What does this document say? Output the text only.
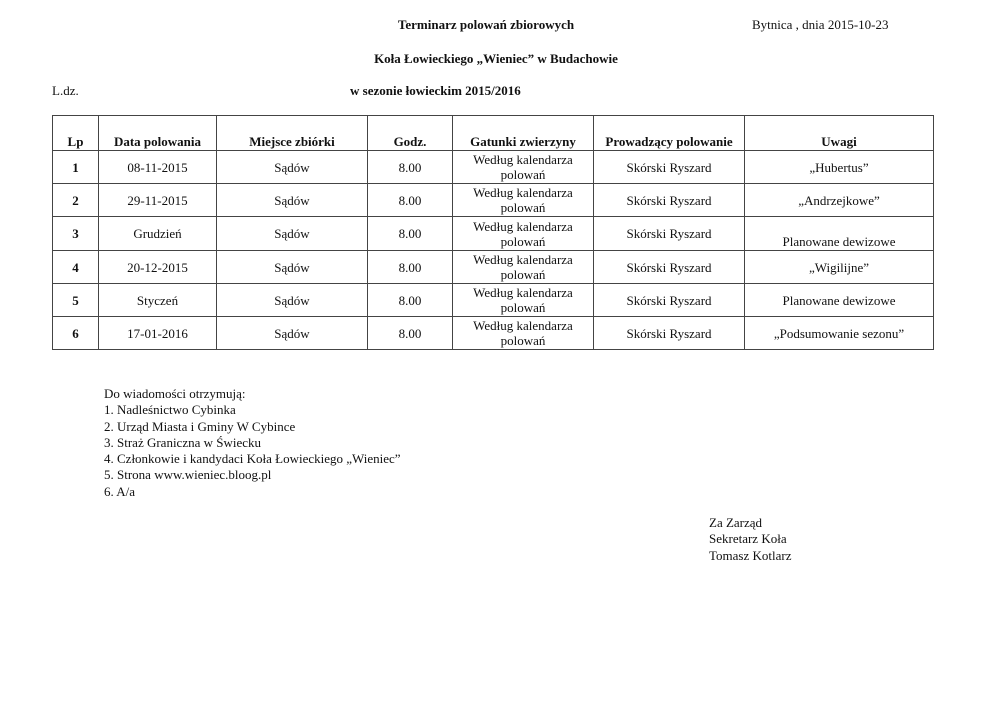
Terminarz polowań zbiorowych	Bytnica , dnia 2015-10-23
Koła Łowieckiego „Wieniec” w Budachowie
L.dz.	w sezonie łowieckim 2015/2016
Lp	Data polowania	Miejsce zbiórki	Godz.	Gatunki zwierzyny	Prowadzący polowanie	Uwagi
1	08-11-2015	Sądów	8.00	Według kalendarza polowań	Skórski Ryszard	„Hubertus”
2	29-11-2015	Sądów	8.00	Według kalendarza polowań	Skórski Ryszard	„Andrzejkowe”
3	Grudzień	Sądów	8.00	Według kalendarza polowań	Skórski Ryszard	Planowane dewizowe
4	20-12-2015	Sądów	8.00	Według kalendarza polowań	Skórski Ryszard	„Wigilijne”
5	Styczeń	Sądów	8.00	Według kalendarza polowań	Skórski Ryszard	Planowane dewizowe
6	17-01-2016	Sądów	8.00	Według kalendarza polowań	Skórski Ryszard	„Podsumowanie sezonu”
Do wiadomości otrzymują:
1. Nadleśnictwo Cybinka
2. Urząd Miasta i Gminy W Cybince
3. Straż Graniczna w Świecku
4. Członkowie i kandydaci Koła Łowieckiego „Wieniec”
5. Strona www.wieniec.bloog.pl
6. A/a
Za Zarząd
Sekretarz Koła
Tomasz Kotlarz
